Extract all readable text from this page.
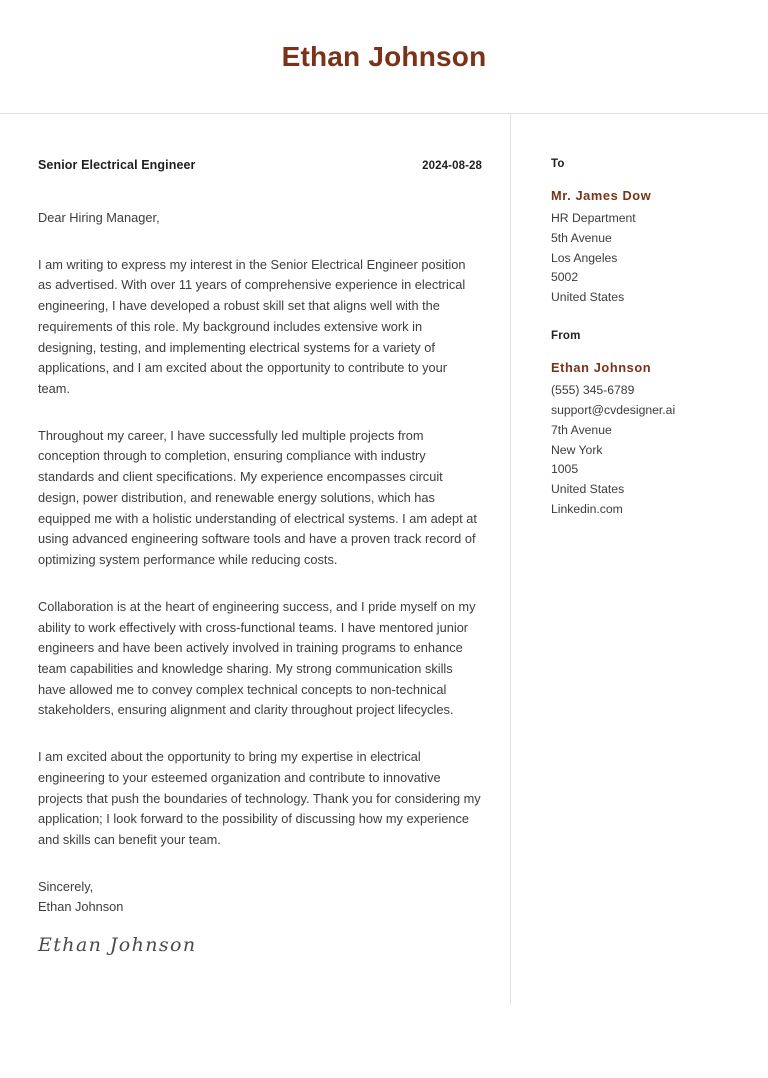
Ethan Johnson
Senior Electrical Engineer	2024-08-28
Dear Hiring Manager,

I am writing to express my interest in the Senior Electrical Engineer position as advertised. With over 11 years of comprehensive experience in electrical engineering, I have developed a robust skill set that aligns well with the requirements of this role. My background includes extensive work in designing, testing, and implementing electrical systems for a variety of applications, and I am excited about the opportunity to contribute to your team.

Throughout my career, I have successfully led multiple projects from conception through to completion, ensuring compliance with industry standards and client specifications. My experience encompasses circuit design, power distribution, and renewable energy solutions, which has equipped me with a holistic understanding of electrical systems. I am adept at using advanced engineering software tools and have a proven track record of optimizing system performance while reducing costs.

Collaboration is at the heart of engineering success, and I pride myself on my ability to work effectively with cross-functional teams. I have mentored junior engineers and have been actively involved in training programs to enhance team capabilities and knowledge sharing. My strong communication skills have allowed me to convey complex technical concepts to non-technical stakeholders, ensuring alignment and clarity throughout project lifecycles.

I am excited about the opportunity to bring my expertise in electrical engineering to your esteemed organization and contribute to innovative projects that push the boundaries of technology. Thank you for considering my application; I look forward to the possibility of discussing how my experience and skills can benefit your team.

Sincerely,
Ethan Johnson
Ethan Johnson
To
Mr. James Dow
HR Department
5th Avenue
Los Angeles
5002
United States
From
Ethan Johnson
(555) 345-6789
support@cvdesigner.ai
7th Avenue
New York
1005
United States
Linkedin.com
